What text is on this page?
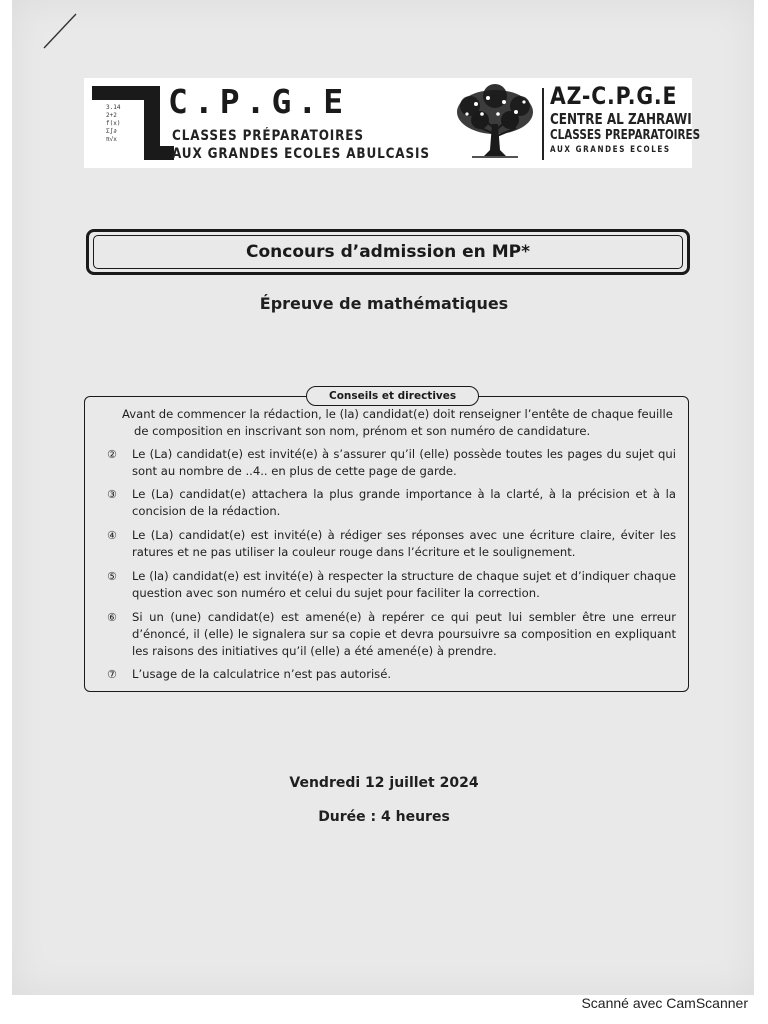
3.14
2+2
f(x)
Σ∫∂
π√x
C.P.G.E
CLASSES PRÉPARATOIRES
AUX GRANDES ECOLES ABULCASIS
AZ-C.P.G.E
CENTRE AL ZAHRAWI
CLASSES PREPARATOIRES
AUX GRANDES ECOLES
Concours d’admission en MP*
Épreuve de mathématiques
Conseils et directives
Avant de commencer la rédaction, le (la) candidat(e) doit renseigner l’entête de chaque feuille
de composition en inscrivant son nom, prénom et son numéro de candidature.
②	Le (La) candidat(e) est invité(e) à s’assurer qu’il (elle) possède toutes les pages du sujet qui sont au nombre de ..4.. en plus de cette page de garde.
③	Le (La) candidat(e) attachera la plus grande importance à la clarté, à la précision et à la concision de la rédaction.
④	Le (La) candidat(e) est invité(e) à rédiger ses réponses avec une écriture claire, éviter les ratures et ne pas utiliser la couleur rouge dans l’écriture et le soulignement.
⑤	Le (la) candidat(e) est invité(e) à respecter la structure de chaque sujet et d’indiquer chaque question avec son numéro et celui du sujet pour faciliter la correction.
⑥	Si un (une) candidat(e) est amené(e) à repérer ce qui peut lui sembler être une erreur d’énoncé, il (elle) le signalera sur sa copie et devra poursuivre sa composition en expliquant les raisons des initiatives qu’il (elle) a été amené(e) à prendre.
⑦	L’usage de la calculatrice n’est pas autorisé.
Vendredi 12 juillet 2024
Durée : 4 heures
Scanné avec CamScanner
